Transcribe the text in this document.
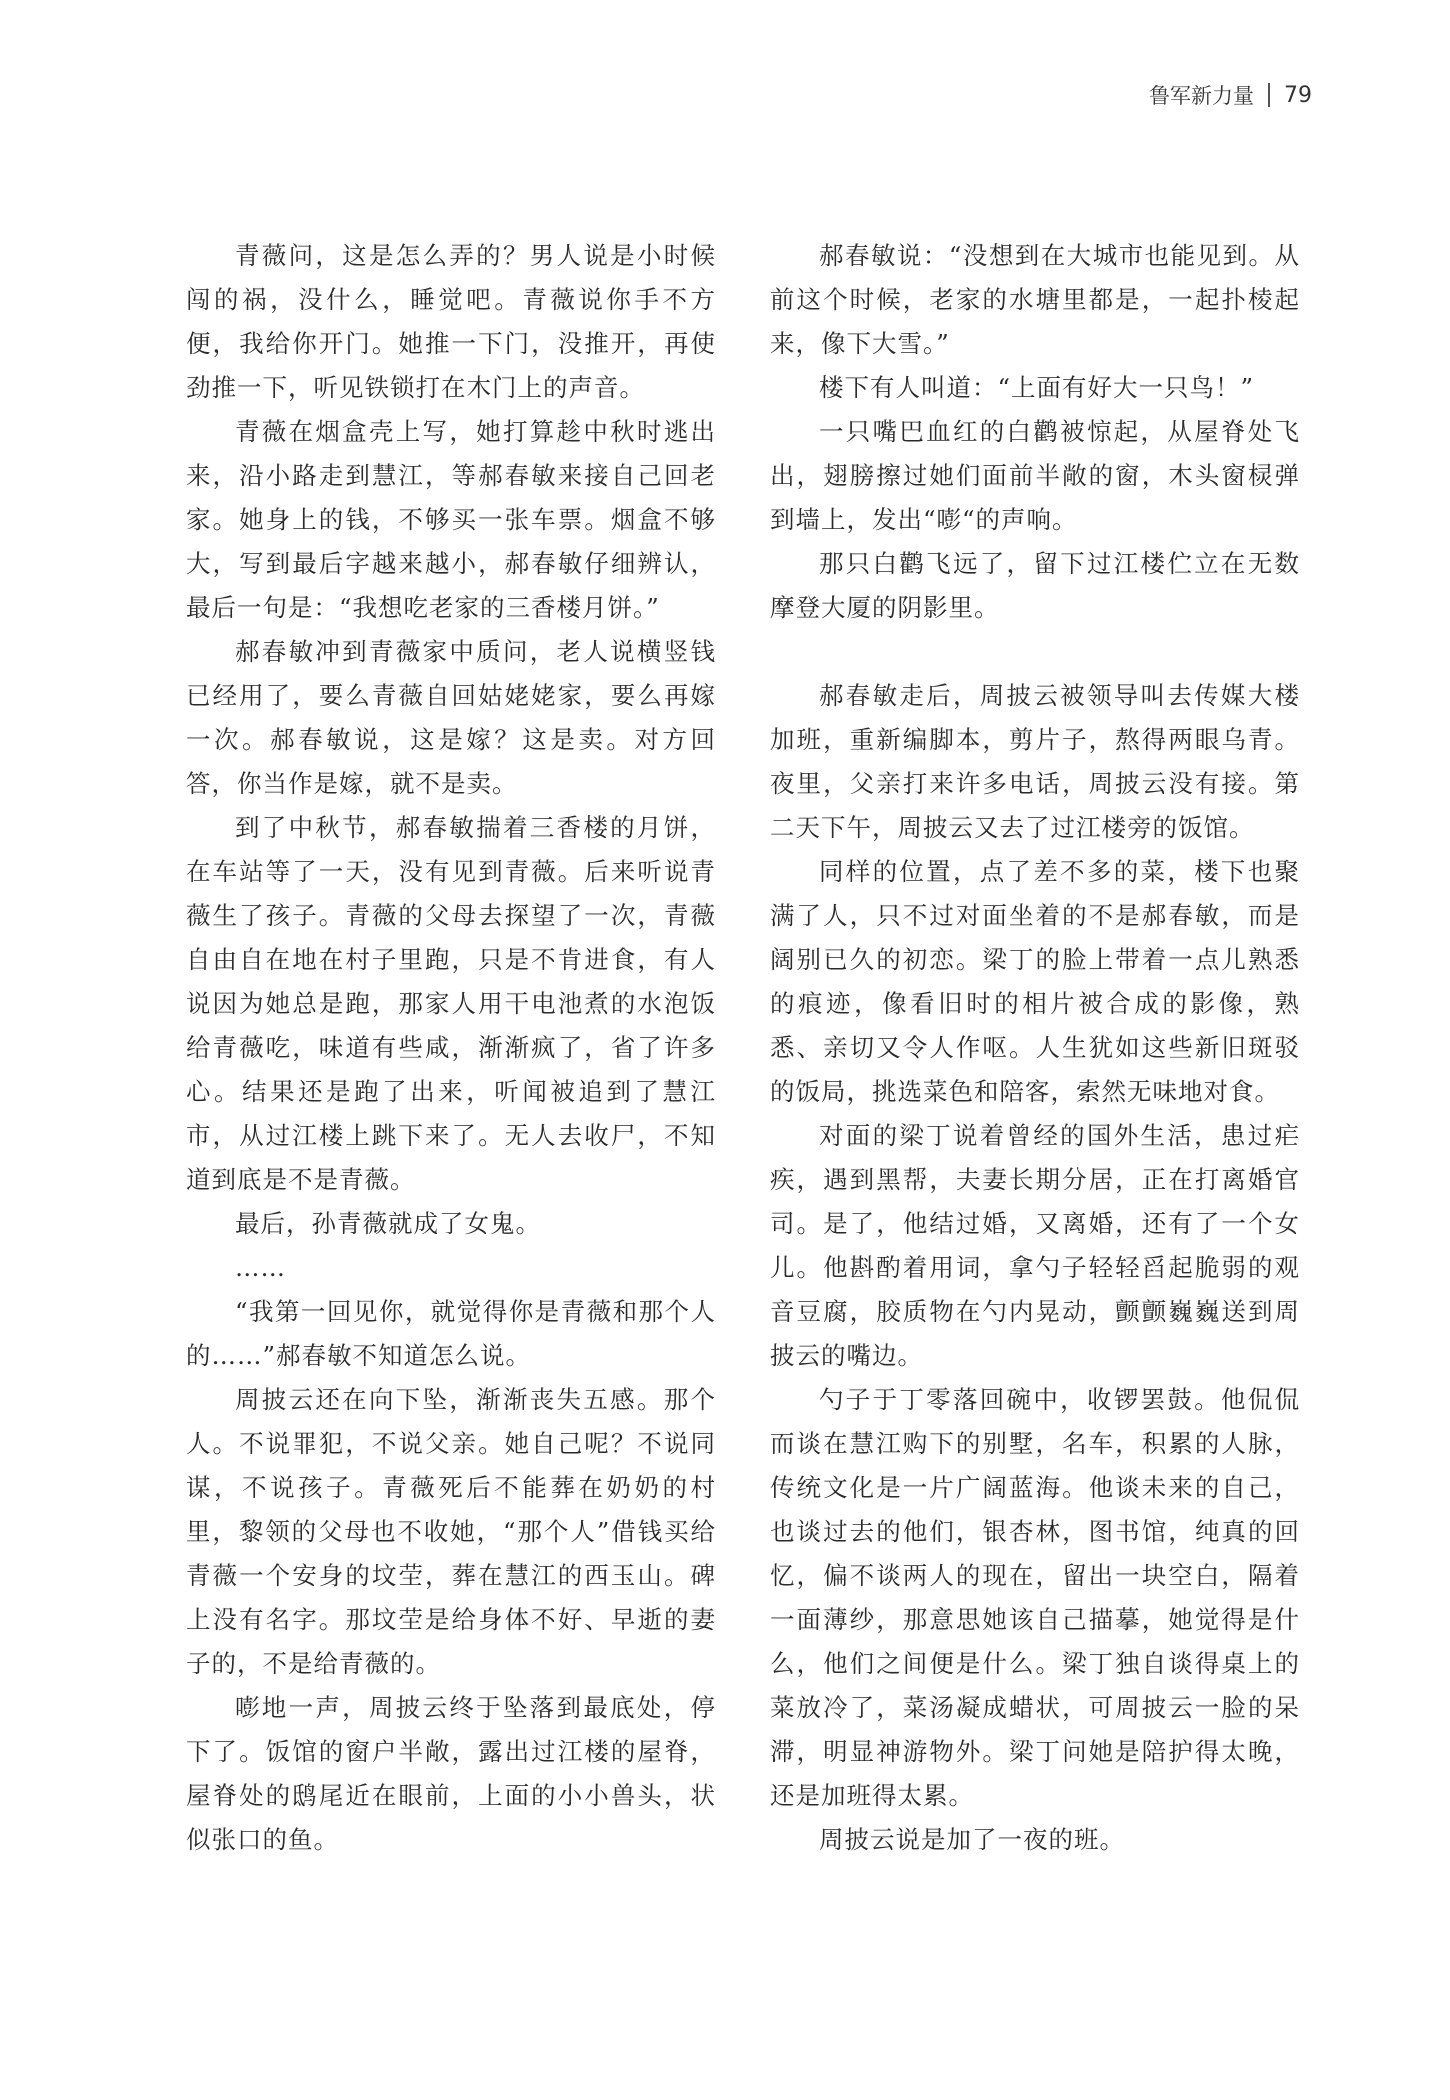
鲁军新力量 79

青薇问，这是怎么弄的？男人说是小时候闯的祸，没什么，睡觉吧。青薇说你手不方便，我给你开门。她推一下门，没推开，再使劲推一下，听见铁锁打在木门上的声音。

青薇在烟盒壳上写，她打算趁中秋时逃出来，沿小路走到慧江，等郝春敏来接自己回老家。她身上的钱，不够买一张车票。烟盒不够大，写到最后字越来越小，郝春敏仔细辨认，最后一句是：“我想吃老家的三香楼月饼。”

郝春敏冲到青薇家中质问，老人说横竖钱已经用了，要么青薇自回姑姥姥家，要么再嫁一次。郝春敏说，这是嫁？这是卖。对方回答，你当作是嫁，就不是卖。

到了中秋节，郝春敏揣着三香楼的月饼，在车站等了一天，没有见到青薇。后来听说青薇生了孩子。青薇的父母去探望了一次，青薇自由自在地在村子里跑，只是不肯进食，有人说因为她总是跑，那家人用干电池煮的水泡饭给青薇吃，味道有些咸，渐渐疯了，省了许多心。结果还是跑了出来，听闻被追到了慧江市，从过江楼上跳下来了。无人去收尸，不知道到底是不是青薇。

最后，孙青薇就成了女鬼。

……

“我第一回见你，就觉得你是青薇和那个人的……”郝春敏不知道怎么说。

周披云还在向下坠，渐渐丧失五感。那个人。不说罪犯，不说父亲。她自己呢？不说同谋，不说孩子。青薇死后不能葬在奶奶的村里，黎领的父母也不收她，“那个人”借钱买给青薇一个安身的坟茔，葬在慧江的西玉山。碑上没有名字。那坟茔是给身体不好、早逝的妻子的，不是给青薇的。

嘭地一声，周披云终于坠落到最底处，停下了。饭馆的窗户半敞，露出过江楼的屋脊，屋脊处的鸱尾近在眼前，上面的小小兽头，状似张口的鱼。

郝春敏说：“没想到在大城市也能见到。从前这个时候，老家的水塘里都是，一起扑棱起来，像下大雪。”

楼下有人叫道：“上面有好大一只鸟！”

一只嘴巴血红的白鹳被惊起，从屋脊处飞出，翅膀擦过她们面前半敞的窗，木头窗棂弹到墙上，发出“嘭“的声响。

那只白鹳飞远了，留下过江楼伫立在无数摩登大厦的阴影里。

郝春敏走后，周披云被领导叫去传媒大楼加班，重新编脚本，剪片子，熬得两眼乌青。夜里，父亲打来许多电话，周披云没有接。第二天下午，周披云又去了过江楼旁的饭馆。

同样的位置，点了差不多的菜，楼下也聚满了人，只不过对面坐着的不是郝春敏，而是阔别已久的初恋。梁丁的脸上带着一点儿熟悉的痕迹，像看旧时的相片被合成的影像，熟悉、亲切又令人作呕。人生犹如这些新旧斑驳的饭局，挑选菜色和陪客，索然无味地对食。

对面的梁丁说着曾经的国外生活，患过疟疾，遇到黑帮，夫妻长期分居，正在打离婚官司。是了，他结过婚，又离婚，还有了一个女儿。他斟酌着用词，拿勺子轻轻舀起脆弱的观音豆腐，胶质物在勺内晃动，颤颤巍巍送到周披云的嘴边。

勺子于丁零落回碗中，收锣罢鼓。他侃侃而谈在慧江购下的别墅，名车，积累的人脉，传统文化是一片广阔蓝海。他谈未来的自己，也谈过去的他们，银杏林，图书馆，纯真的回忆，偏不谈两人的现在，留出一块空白，隔着一面薄纱，那意思她该自己描摹，她觉得是什么，他们之间便是什么。梁丁独自谈得桌上的菜放冷了，菜汤凝成蜡状，可周披云一脸的呆滞，明显神游物外。梁丁问她是陪护得太晚，还是加班得太累。

周披云说是加了一夜的班。
